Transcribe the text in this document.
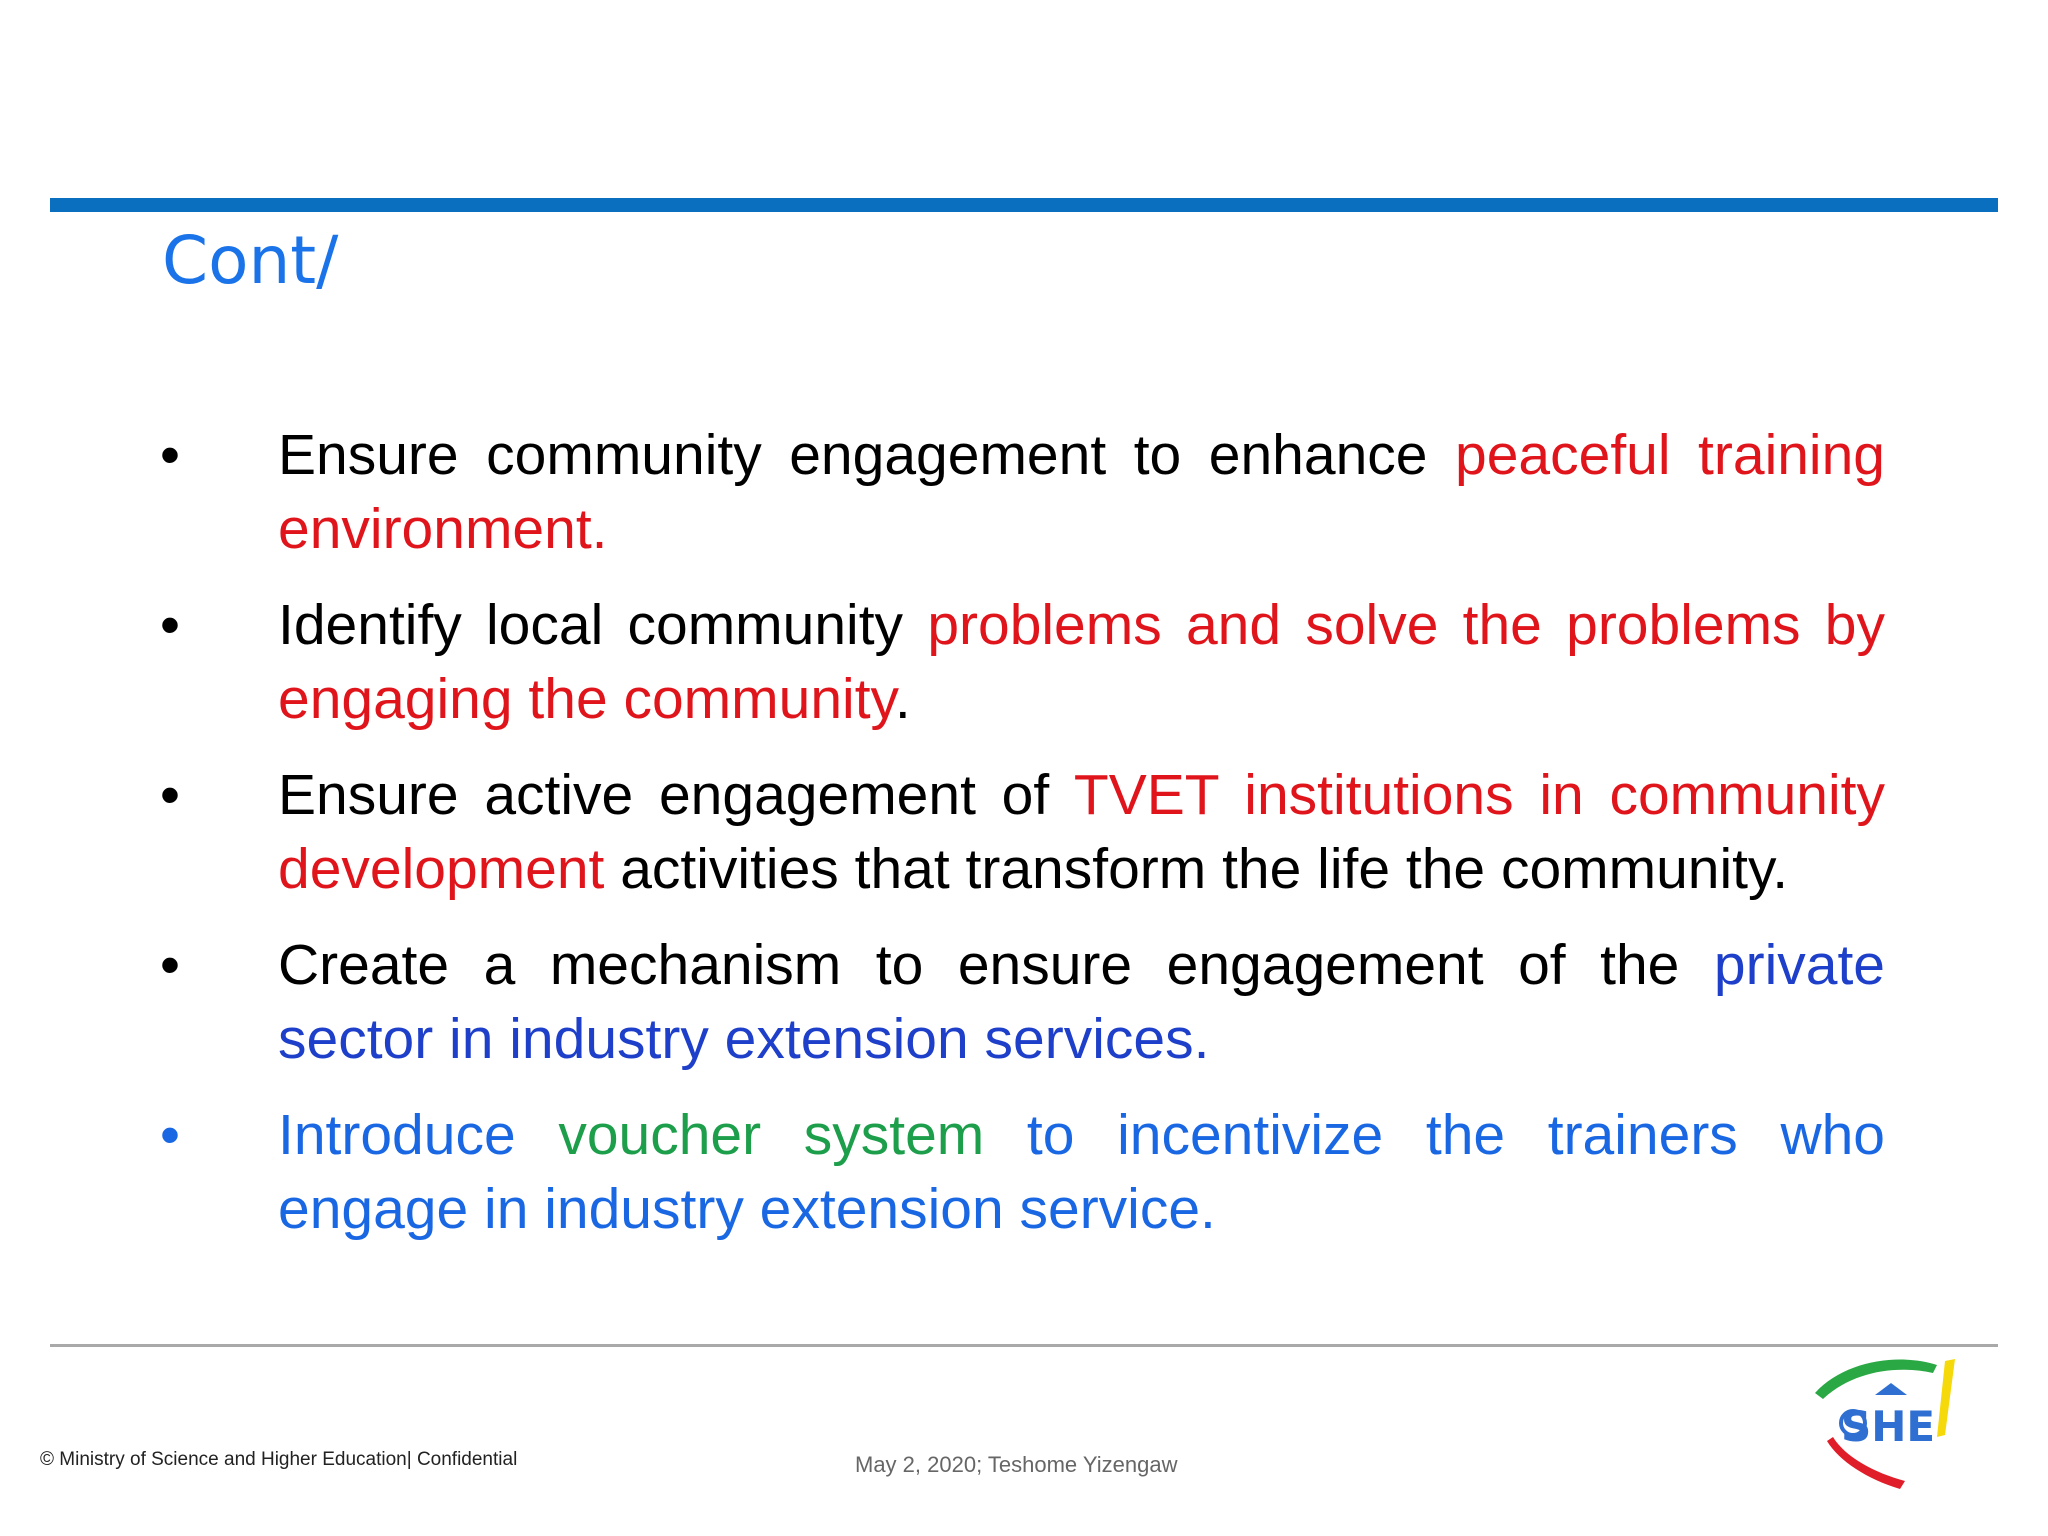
Cont/
• Ensure community engagement to enhance peaceful training environment.
• Identify local community problems and solve the problems by engaging the community.
• Ensure active engagement of TVET institutions in community development activities that transform the life the community.
• Create a mechanism to ensure engagement of the private sector in industry extension services.
• Introduce voucher system to incentivize the trainers who engage in industry extension service.
© Ministry of Science and Higher Education| Confidential	May 2, 2020; Teshome Yizengaw
SHE
